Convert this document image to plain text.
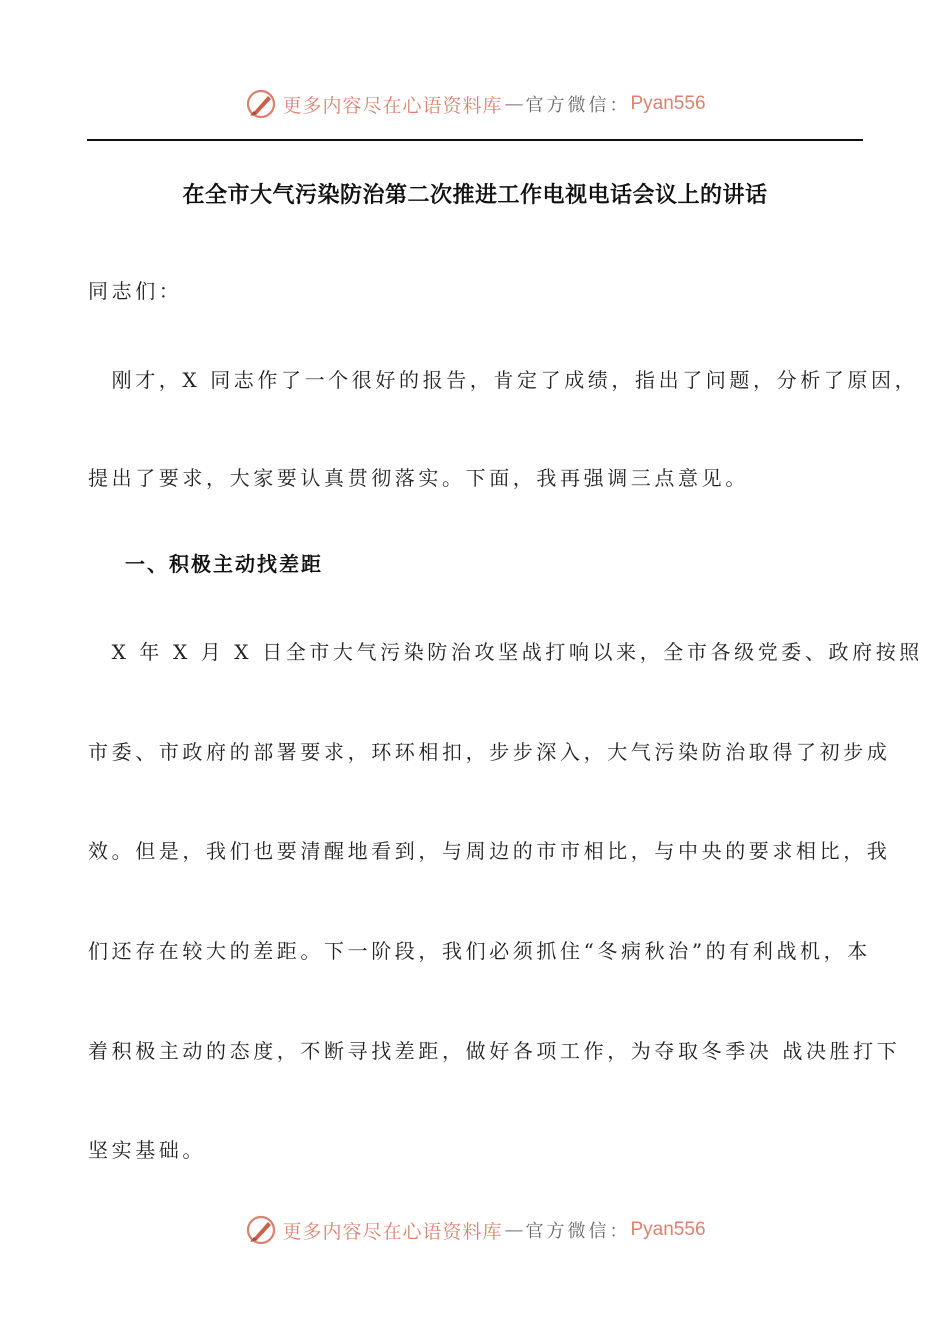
更多内容尽在心语资料库 — 官方微信： Pyan556
在全市大气污染防治第二次推进工作电视电话会议上的讲话
同志们：
　刚才，X 同志作了一个很好的报告，肯定了成绩，指出了问题，分析了原因，
提出了要求，大家要认真贯彻落实。下面，我再强调三点意见。
一、积极主动找差距
　X 年 X 月 X 日全市大气污染防治攻坚战打响以来，全市各级党委、政府按照
市委、市政府的部署要求，环环相扣，步步深入，大气污染防治取得了初步成
效。但是，我们也要清醒地看到，与周边的市市相比，与中央的要求相比，我
们还存在较大的差距。下一阶段，我们必须抓住“冬病秋治”的有利战机，本
着积极主动的态度，不断寻找差距，做好各项工作，为夺取冬季决 战决胜打下
坚实基础。
更多内容尽在心语资料库 — 官方微信： Pyan556
